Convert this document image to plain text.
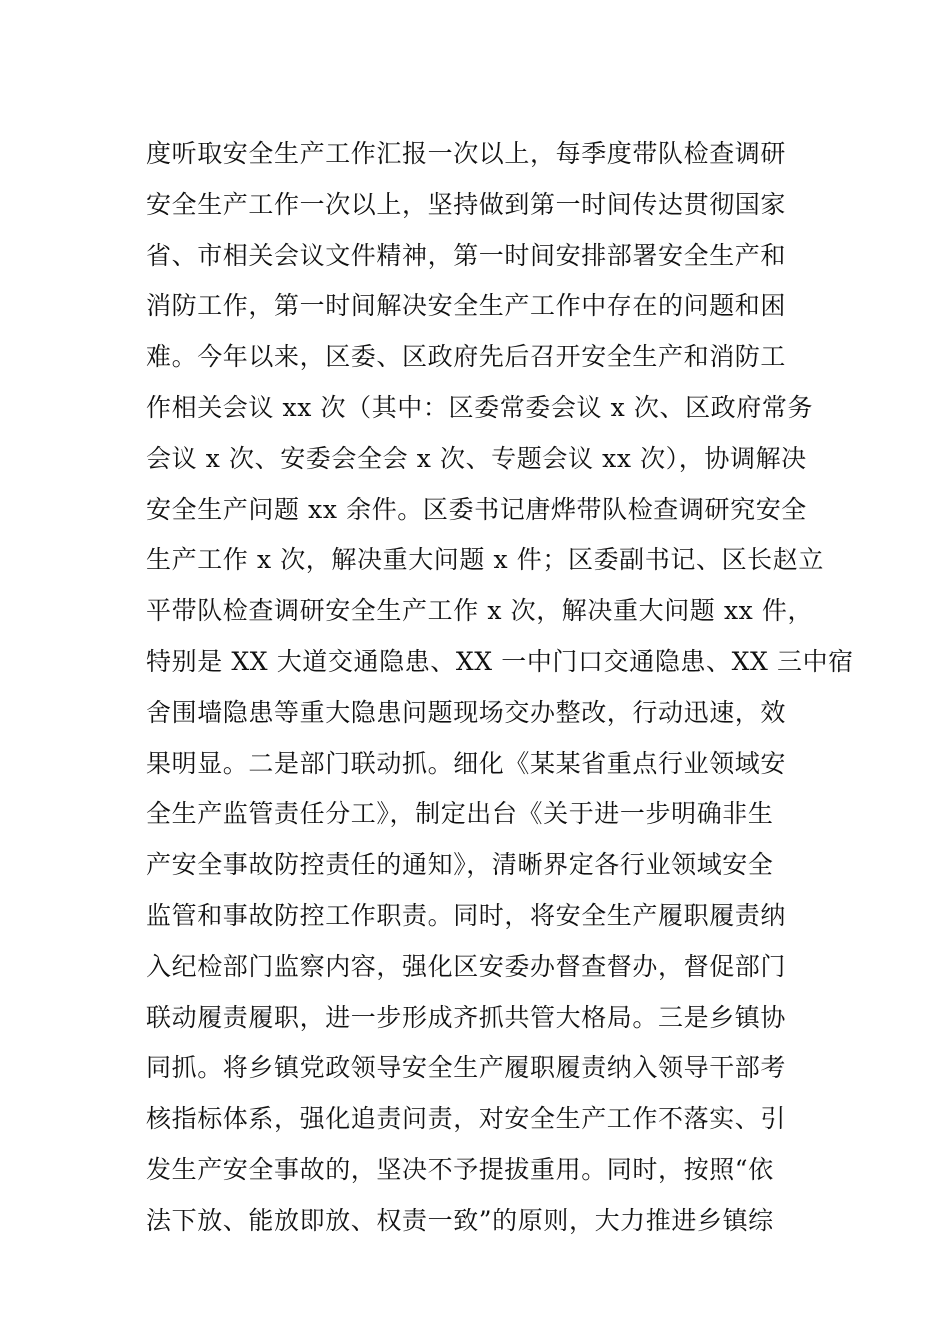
度听取安全生产工作汇报一次以上，每季度带队检查调研
安全生产工作一次以上，坚持做到第一时间传达贯彻国家
省、市相关会议文件精神，第一时间安排部署安全生产和
消防工作，第一时间解决安全生产工作中存在的问题和困
难。今年以来，区委、区政府先后召开安全生产和消防工
作相关会议 xx 次（其中：区委常委会议 x 次、区政府常务
会议 x 次、安委会全会 x 次、专题会议 xx 次），协调解决
安全生产问题 xx 余件。区委书记唐烨带队检查调研究安全
生产工作 x 次，解决重大问题 x 件；区委副书记、区长赵立
平带队检查调研安全生产工作 x 次，解决重大问题 xx 件，
特别是 XX 大道交通隐患、XX 一中门口交通隐患、XX 三中宿
舍围墙隐患等重大隐患问题现场交办整改，行动迅速，效
果明显。二是部门联动抓。细化《某某省重点行业领域安
全生产监管责任分工》，制定出台《关于进一步明确非生
产安全事故防控责任的通知》，清晰界定各行业领域安全
监管和事故防控工作职责。同时，将安全生产履职履责纳
入纪检部门监察内容，强化区安委办督查督办，督促部门
联动履责履职，进一步形成齐抓共管大格局。三是乡镇协
同抓。将乡镇党政领导安全生产履职履责纳入领导干部考
核指标体系，强化追责问责，对安全生产工作不落实、引
发生产安全事故的，坚决不予提拔重用。同时，按照“依
法下放、能放即放、权责一致”的原则，大力推进乡镇综
